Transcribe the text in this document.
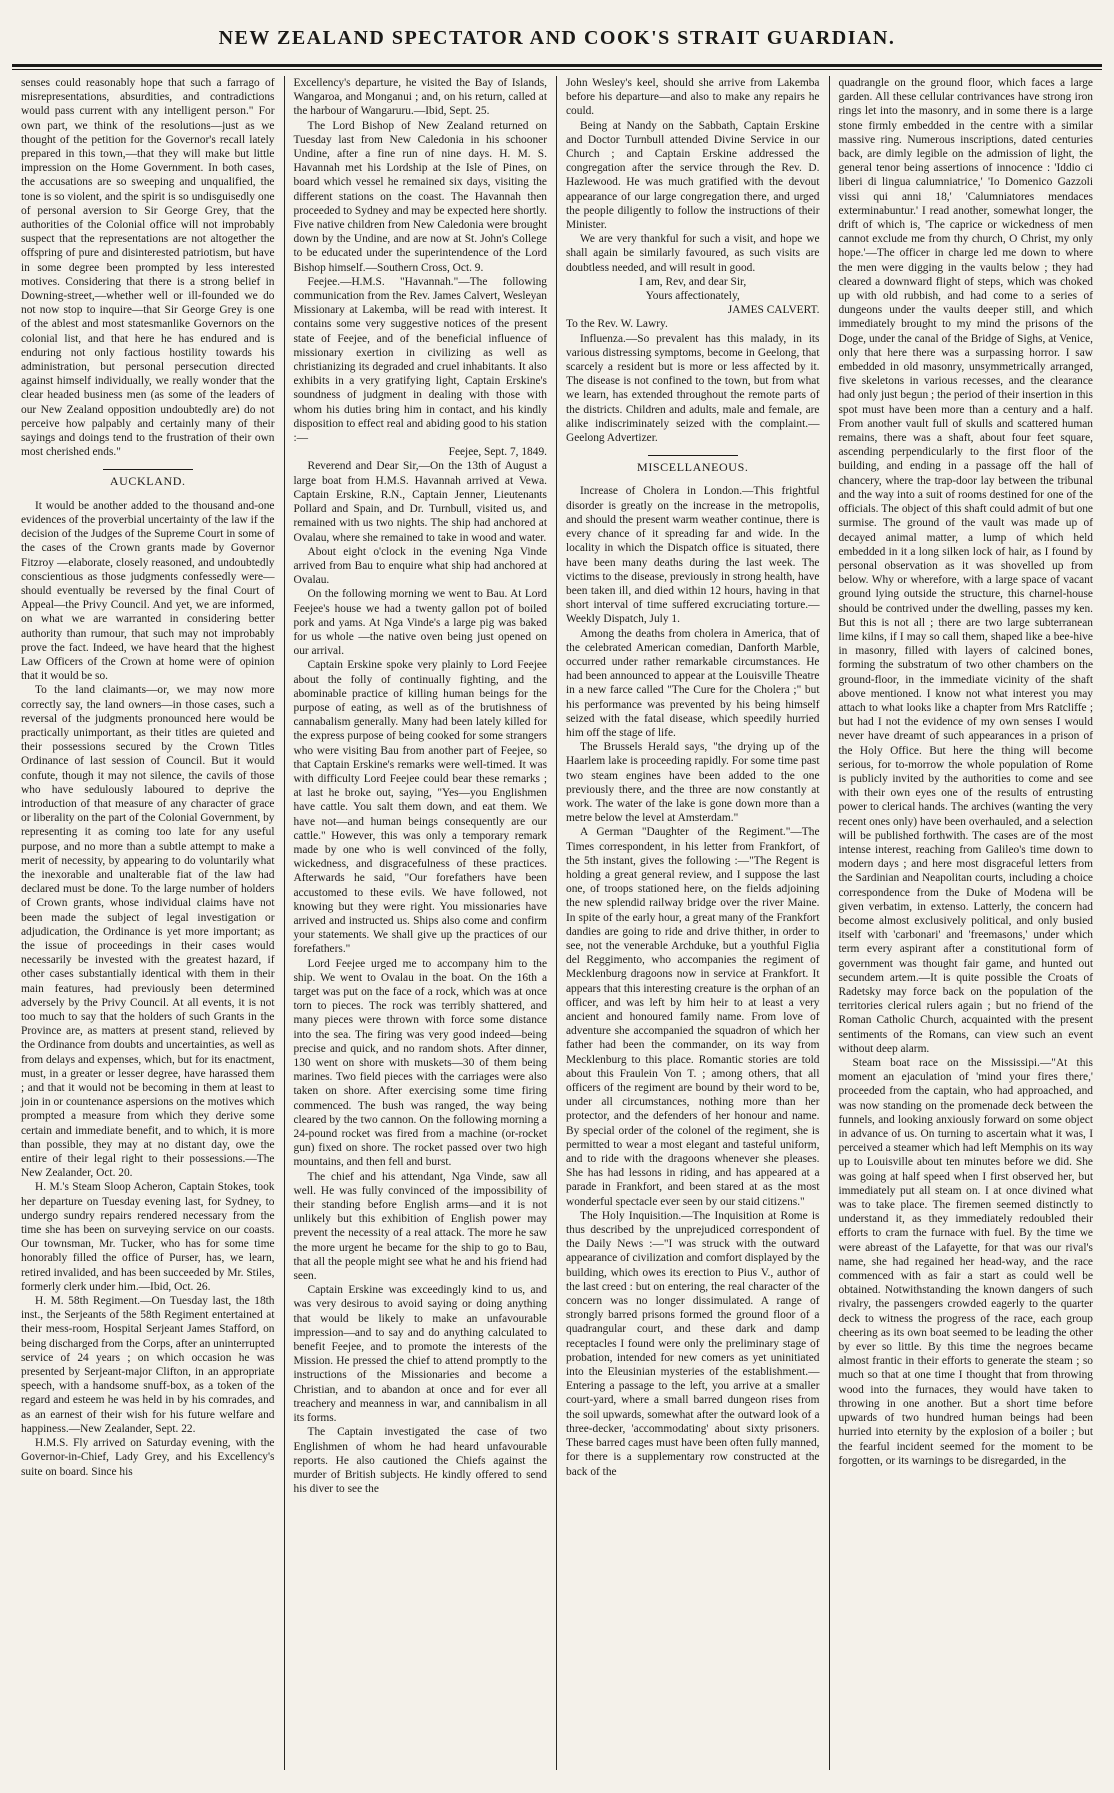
NEW ZEALAND SPECTATOR AND COOK'S STRAIT GUARDIAN.

senses could reasonably hope that such a farrago of misrepresentations, absurdities, and contradictions would pass current with any intelligent person." For own part, we think of the resolutions—just as we thought of the petition for the Governor's recall lately prepared in this town,—that they will make but little impression on the Home Government. In both cases, the accusations are so sweeping and unqualified, the tone is so violent, and the spirit is so undisguisedly one of personal aversion to Sir George Grey, that the authorities of the Colonial office will not improbably suspect that the representations are not altogether the offspring of pure and disinterested patriotism, but have in some degree been prompted by less interested motives. Considering that there is a strong belief in Downing-street,—whether well or ill-founded we do not now stop to inquire—that Sir George Grey is one of the ablest and most statesmanlike Governors on the colonial list, and that here he has endured and is enduring not only factious hostility towards his administration, but personal persecution directed against himself individually, we really wonder that the clear headed business men (as some of the leaders of our New Zealand opposition undoubtedly are) do not perceive how palpably and certainly many of their sayings and doings tend to the frustration of their own most cherished ends."

AUCKLAND.

It would be another added to the thousand and-one evidences of the proverbial uncertainty of the law if the decision of the Judges of the Supreme Court in some of the cases of the Crown grants made by Governor Fitzroy —elaborate, closely reasoned, and undoubtedly conscientious as those judgments confessedly were—should eventually be reversed by the final Court of Appeal—the Privy Council. And yet, we are informed, on what we are warranted in considering better authority than rumour, that such may not improbably prove the fact. Indeed, we have heard that the highest Law Officers of the Crown at home were of opinion that it would be so.

To the land claimants—or, we may now more correctly say, the land owners—in those cases, such a reversal of the judgments pronounced here would be practically unimportant, as their titles are quieted and their possessions secured by the Crown Titles Ordinance of last session of Council. But it would confute, though it may not silence, the cavils of those who have sedulously laboured to deprive the introduction of that measure of any character of grace or liberality on the part of the Colonial Government, by representing it as coming too late for any useful purpose, and no more than a subtle attempt to make a merit of necessity, by appearing to do voluntarily what the inexorable and unalterable fiat of the law had declared must be done. To the large number of holders of Crown grants, whose individual claims have not been made the subject of legal investigation or adjudication, the Ordinance is yet more important; as the issue of proceedings in their cases would necessarily be invested with the greatest hazard, if other cases substantially identical with them in their main features, had previously been determined adversely by the Privy Council. At all events, it is not too much to say that the holders of such Grants in the Province are, as matters at present stand, relieved by the Ordinance from doubts and uncertainties, as well as from delays and expenses, which, but for its enactment, must, in a greater or lesser degree, have harassed them ; and that it would not be becoming in them at least to join in or countenance aspersions on the motives which prompted a measure from which they derive some certain and immediate benefit, and to which, it is more than possible, they may at no distant day, owe the entire of their legal right to their possessions.—The New Zealander, Oct. 20.

H. M.'s Steam Sloop Acheron, Captain Stokes, took her departure on Tuesday evening last, for Sydney, to undergo sundry repairs rendered necessary from the time she has been on surveying service on our coasts. Our townsman, Mr. Tucker, who has for some time honorably filled the office of Purser, has, we learn, retired invalided, and has been succeeded by Mr. Stiles, formerly clerk under him.—Ibid, Oct. 26.

H. M. 58th Regiment.—On Tuesday last, the 18th inst., the Serjeants of the 58th Regiment entertained at their mess-room, Hospital Serjeant James Stafford, on being discharged from the Corps, after an uninterrupted service of 24 years ; on which occasion he was presented by Serjeant-major Clifton, in an appropriate speech, with a handsome snuff-box, as a token of the regard and esteem he was held in by his comrades, and as an earnest of their wish for his future welfare and happiness.—New Zealander, Sept. 22.

H.M.S. Fly arrived on Saturday evening, with the Governor-in-Chief, Lady Grey, and his Excellency's suite on board. Since his

Excellency's departure, he visited the Bay of Islands, Wangaroa, and Monganui ; and, on his return, called at the harbour of Wangaruru.—Ibid, Sept. 25.

The Lord Bishop of New Zealand returned on Tuesday last from New Caledonia in his schooner Undine, after a fine run of nine days. H. M. S. Havannah met his Lordship at the Isle of Pines, on board which vessel he remained six days, visiting the different stations on the coast. The Havannah then proceeded to Sydney and may be expected here shortly. Five native children from New Caledonia were brought down by the Undine, and are now at St. John's College to be educated under the superintendence of the Lord Bishop himself.—Southern Cross, Oct. 9.

Feejee.—H.M.S. "Havannah."—The following communication from the Rev. James Calvert, Wesleyan Missionary at Lakemba, will be read with interest. It contains some very suggestive notices of the present state of Feejee, and of the beneficial influence of missionary exertion in civilizing as well as christianizing its degraded and cruel inhabitants. It also exhibits in a very gratifying light, Captain Erskine's soundness of judgment in dealing with those with whom his duties bring him in contact, and his kindly disposition to effect real and abiding good to his station :—

Feejee, Sept. 7, 1849.

Reverend and Dear Sir,—On the 13th of August a large boat from H.M.S. Havannah arrived at Vewa. Captain Erskine, R.N., Captain Jenner, Lieutenants Pollard and Spain, and Dr. Turnbull, visited us, and remained with us two nights. The ship had anchored at Ovalau, where she remained to take in wood and water.

About eight o'clock in the evening Nga Vinde arrived from Bau to enquire what ship had anchored at Ovalau.

On the following morning we went to Bau. At Lord Feejee's house we had a twenty gallon pot of boiled pork and yams. At Nga Vinde's a large pig was baked for us whole —the native oven being just opened on our arrival.

Captain Erskine spoke very plainly to Lord Feejee about the folly of continually fighting, and the abominable practice of killing human beings for the purpose of eating, as well as of the brutishness of cannabalism generally. Many had been lately killed for the express purpose of being cooked for some strangers who were visiting Bau from another part of Feejee, so that Captain Erskine's remarks were well-timed. It was with difficulty Lord Feejee could bear these remarks ; at last he broke out, saying, "Yes—you Englishmen have cattle. You salt them down, and eat them. We have not—and human beings consequently are our cattle." However, this was only a temporary remark made by one who is well convinced of the folly, wickedness, and disgracefulness of these practices. Afterwards he said, "Our forefathers have been accustomed to these evils. We have followed, not knowing but they were right. You missionaries have arrived and instructed us. Ships also come and confirm your statements. We shall give up the practices of our forefathers."

Lord Feejee urged me to accompany him to the ship. We went to Ovalau in the boat. On the 16th a target was put on the face of a rock, which was at once torn to pieces. The rock was terribly shattered, and many pieces were thrown with force some distance into the sea. The firing was very good indeed—being precise and quick, and no random shots. After dinner, 130 went on shore with muskets—30 of them being marines. Two field pieces with the carriages were also taken on shore. After exercising some time firing commenced. The bush was ranged, the way being cleared by the two cannon. On the following morning a 24-pound rocket was fired from a machine (or-rocket gun) fixed on shore. The rocket passed over two high mountains, and then fell and burst.

The chief and his attendant, Nga Vinde, saw all well. He was fully convinced of the impossibility of their standing before English arms—and it is not unlikely but this exhibition of English power may prevent the necessity of a real attack. The more he saw the more urgent he became for the ship to go to Bau, that all the people might see what he and his friend had seen.

Captain Erskine was exceedingly kind to us, and was very desirous to avoid saying or doing anything that would be likely to make an unfavourable impression—and to say and do anything calculated to benefit Feejee, and to promote the interests of the Mission. He pressed the chief to attend promptly to the instructions of the Missionaries and become a Christian, and to abandon at once and for ever all treachery and meanness in war, and cannibalism in all its forms.

The Captain investigated the case of two Englishmen of whom he had heard unfavourable reports. He also cautioned the Chiefs against the murder of British subjects. He kindly offered to send his diver to see the

John Wesley's keel, should she arrive from Lakemba before his departure—and also to make any repairs he could.

Being at Nandy on the Sabbath, Captain Erskine and Doctor Turnbull attended Divine Service in our Church ; and Captain Erskine addressed the congregation after the service through the Rev. D. Hazlewood. He was much gratified with the devout appearance of our large congregation there, and urged the people diligently to follow the instructions of their Minister.

We are very thankful for such a visit, and hope we shall again be similarly favoured, as such visits are doubtless needed, and will result in good.

I am, Rev, and dear Sir,

Yours affectionately,

JAMES CALVERT.

To the Rev. W. Lawry.

Influenza.—So prevalent has this malady, in its various distressing symptoms, become in Geelong, that scarcely a resident but is more or less affected by it. The disease is not confined to the town, but from what we learn, has extended throughout the remote parts of the districts. Children and adults, male and female, are alike indiscriminately seized with the complaint.—Geelong Advertizer.

MISCELLANEOUS.

Increase of Cholera in London.—This frightful disorder is greatly on the increase in the metropolis, and should the present warm weather continue, there is every chance of it spreading far and wide. In the locality in which the Dispatch office is situated, there have been many deaths during the last week. The victims to the disease, previously in strong health, have been taken ill, and died within 12 hours, having in that short interval of time suffered excruciating torture.—Weekly Dispatch, July 1.

Among the deaths from cholera in America, that of the celebrated American comedian, Danforth Marble, occurred under rather remarkable circumstances. He had been announced to appear at the Louisville Theatre in a new farce called "The Cure for the Cholera ;" but his performance was prevented by his being himself seized with the fatal disease, which speedily hurried him off the stage of life.

The Brussels Herald says, "the drying up of the Haarlem lake is proceeding rapidly. For some time past two steam engines have been added to the one previously there, and the three are now constantly at work. The water of the lake is gone down more than a metre below the level at Amsterdam."

A German "Daughter of the Regiment."—The Times correspondent, in his letter from Frankfort, of the 5th instant, gives the following :—"The Regent is holding a great general review, and I suppose the last one, of troops stationed here, on the fields adjoining the new splendid railway bridge over the river Maine. In spite of the early hour, a great many of the Frankfort dandies are going to ride and drive thither, in order to see, not the venerable Archduke, but a youthful Figlia del Reggimento, who accompanies the regiment of Mecklenburg dragoons now in service at Frankfort. It appears that this interesting creature is the orphan of an officer, and was left by him heir to at least a very ancient and honoured family name. From love of adventure she accompanied the squadron of which her father had been the commander, on its way from Mecklenburg to this place. Romantic stories are told about this Fraulein Von T. ; among others, that all officers of the regiment are bound by their word to be, under all circumstances, nothing more than her protector, and the defenders of her honour and name. By special order of the colonel of the regiment, she is permitted to wear a most elegant and tasteful uniform, and to ride with the dragoons whenever she pleases. She has had lessons in riding, and has appeared at a parade in Frankfort, and been stared at as the most wonderful spectacle ever seen by our staid citizens."

The Holy Inquisition.—The Inquisition at Rome is thus described by the unprejudiced correspondent of the Daily News :—"I was struck with the outward appearance of civilization and comfort displayed by the building, which owes its erection to Pius V., author of the last creed : but on entering, the real character of the concern was no longer dissimulated. A range of strongly barred prisons formed the ground floor of a quadrangular court, and these dark and damp receptacles I found were only the preliminary stage of probation, intended for new comers as yet uninitiated into the Eleusinian mysteries of the establishment.—Entering a passage to the left, you arrive at a smaller court-yard, where a small barred dungeon rises from the soil upwards, somewhat after the outward look of a three-decker, 'accommodating' about sixty prisoners. These barred cages must have been often fully manned, for there is a supplementary row constructed at the back of the

quadrangle on the ground floor, which faces a large garden. All these cellular contrivances have strong iron rings let into the masonry, and in some there is a large stone firmly embedded in the centre with a similar massive ring. Numerous inscriptions, dated centuries back, are dimly legible on the admission of light, the general tenor being assertions of innocence : 'Iddio ci liberi di lingua calumniatrice,' 'Io Domenico Gazzoli vissi qui anni 18,' 'Calumniatores mendaces exterminabuntur.' I read another, somewhat longer, the drift of which is, 'The caprice or wickedness of men cannot exclude me from thy church, O Christ, my only hope.'—The officer in charge led me down to where the men were digging in the vaults below ; they had cleared a downward flight of steps, which was choked up with old rubbish, and had come to a series of dungeons under the vaults deeper still, and which immediately brought to my mind the prisons of the Doge, under the canal of the Bridge of Sighs, at Venice, only that here there was a surpassing horror. I saw embedded in old masonry, unsymmetrically arranged, five skeletons in various recesses, and the clearance had only just begun ; the period of their insertion in this spot must have been more than a century and a half. From another vault full of skulls and scattered human remains, there was a shaft, about four feet square, ascending perpendicularly to the first floor of the building, and ending in a passage off the hall of chancery, where the trap-door lay between the tribunal and the way into a suit of rooms destined for one of the officials. The object of this shaft could admit of but one surmise. The ground of the vault was made up of decayed animal matter, a lump of which held embedded in it a long silken lock of hair, as I found by personal observation as it was shovelled up from below. Why or wherefore, with a large space of vacant ground lying outside the structure, this charnel-house should be contrived under the dwelling, passes my ken. But this is not all ; there are two large subterranean lime kilns, if I may so call them, shaped like a bee-hive in masonry, filled with layers of calcined bones, forming the substratum of two other chambers on the ground-floor, in the immediate vicinity of the shaft above mentioned. I know not what interest you may attach to what looks like a chapter from Mrs Ratcliffe ; but had I not the evidence of my own senses I would never have dreamt of such appearances in a prison of the Holy Office. But here the thing will become serious, for to-morrow the whole population of Rome is publicly invited by the authorities to come and see with their own eyes one of the results of entrusting power to clerical hands. The archives (wanting the very recent ones only) have been overhauled, and a selection will be published forthwith. The cases are of the most intense interest, reaching from Galileo's time down to modern days ; and here most disgraceful letters from the Sardinian and Neapolitan courts, including a choice correspondence from the Duke of Modena will be given verbatim, in extenso. Latterly, the concern had become almost exclusively political, and only busied itself with 'carbonari' and 'freemasons,' under which term every aspirant after a constitutional form of government was thought fair game, and hunted out secundem artem.—It is quite possible the Croats of Radetsky may force back on the population of the territories clerical rulers again ; but no friend of the Roman Catholic Church, acquainted with the present sentiments of the Romans, can view such an event without deep alarm.

Steam boat race on the Mississipi.—"At this moment an ejaculation of 'mind your fires there,' proceeded from the captain, who had approached, and was now standing on the promenade deck between the funnels, and looking anxiously forward on some object in advance of us. On turning to ascertain what it was, I perceived a steamer which had left Memphis on its way up to Louisville about ten minutes before we did. She was going at half speed when I first observed her, but immediately put all steam on. I at once divined what was to take place. The firemen seemed distinctly to understand it, as they immediately redoubled their efforts to cram the furnace with fuel. By the time we were abreast of the Lafayette, for that was our rival's name, she had regained her head-way, and the race commenced with as fair a start as could well be obtained. Notwithstanding the known dangers of such rivalry, the passengers crowded eagerly to the quarter deck to witness the progress of the race, each group cheering as its own boat seemed to be leading the other by ever so little. By this time the negroes became almost frantic in their efforts to generate the steam ; so much so that at one time I thought that from throwing wood into the furnaces, they would have taken to throwing in one another. But a short time before upwards of two hundred human beings had been hurried into eternity by the explosion of a boiler ; but the fearful incident seemed for the moment to be forgotten, or its warnings to be disregarded, in the
